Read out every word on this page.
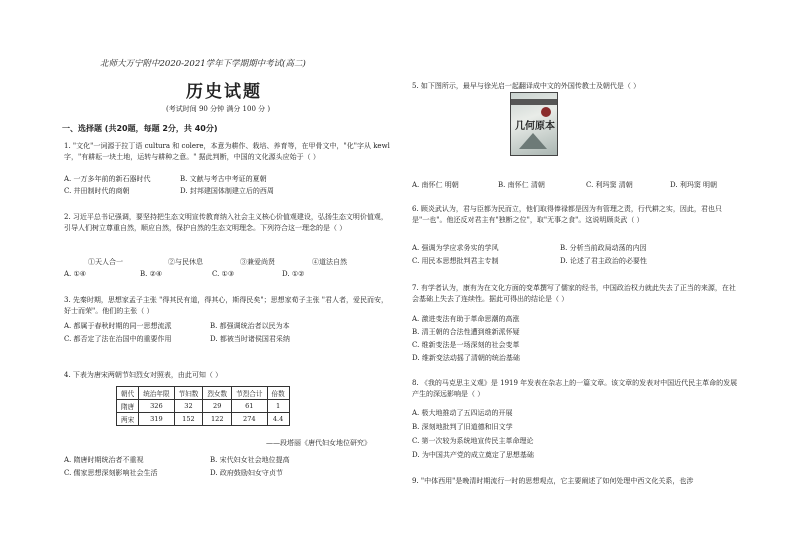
北师大万宁附中2020-2021学年下学期期中考试(高二)
历史试题
(考试时间 90 分钟 满分 100 分 )
一、选择题 (共20题，每题 2分，共 40分)
1. "文化"一词源于拉丁语 cultura 和 colere，本意为耕作、栽培、养育等，在甲骨文中，"化"字从 kewl 字，"有耕耘一块土地，运转与耕种之意。" 据此判断，中国的文化源头应始于（ ）
A. 一万多年前的新石器时代	B. 文献与考古中考证的夏朝
C. 井田制时代的商朝	D. 封邦建国体制建立后的西周
2. 习近平总书记强调，要坚持把生态文明宣传教育纳入社会主义核心价值观建设，弘扬生态文明价值观，引导人们树立尊重自然，顺应自然，保护自然的生态文明理念。下列符合这一理念的是（ ）
①天人合一	②与民休息	③兼爱尚贤	④道法自然
A. ①④	B. ②④	C. ①③	D. ①②
3. 先秦时期，思想家孟子主张 "得其民有道，得其心，斯得民矣"；思想家荀子主张 "君人者，爱民而安，好士而荣"。他们的主张（ ）
A. 都属于春秋时期的同一思想流派	B. 都强调统治者以民为本
C. 都否定了法在治国中的重要作用	D. 都被当时诸侯国君采纳
4. 下表为唐宋两朝节妇烈女对照表，由此可知（ ）
朝代	统治年限	节妇数	烈女数	节烈合计	倍数
隋唐	326	32	29	61	1
两宋	319	152	122	274	4.4
——段塔丽《唐代妇女地位研究》
A. 隋唐时期统治者不重视	B. 宋代妇女社会地位提高
C. 儒家思想深刻影响社会生活	D. 政府鼓励妇女守贞节
5. 如下图所示，最早与徐光启一起翻译成中文的外国传教士及朝代是（ ）
几何原本
A. 南怀仁 明朝	B. 南怀仁 清朝	C. 利玛窦 清朝	D. 利玛窦 明朝
6. 顾炎武认为，君与臣都为民而立，他们取得俸禄都是因为有管理之责，行代耕之实，因此，君也只是"一也"。他还反对君主有"独断之位"，取"无事之食"。这说明顾炎武（ ）
A. 强调为学应求务实的学风	B. 分析当前政局动荡的内因
C. 用民本思想批判君主专制	D. 论述了君主政治的必要性
7. 有学者认为，康有为在文化方面的变革撰写了儒家的经书，中国政治权力就此失去了正当的来源，在社会基础上失去了连续性。据此可得出的结论是（ ）
A. 激进变法有助于革命思潮的高涨
B. 清王朝的合法性遭到维新派怀疑
C. 维新变法是一场深刻的社会变革
D. 维新变法动摇了清朝的统治基础
8. 《我的马克思主义观》是 1919 年发表在杂志上的一篇文章。该文章的发表对中国近代民主革命的发展产生的深远影响是（ ）
A. 极大地推动了五四运动的开展
B. 深刻地批判了旧道德和旧文学
C. 第一次较为系统地宣传民主革命理论
D. 为中国共产党的成立奠定了思想基础
9. "中体西用"是晚清时期流行一时的思想观点，它主要阐述了如何处理中西文化关系，也涉
